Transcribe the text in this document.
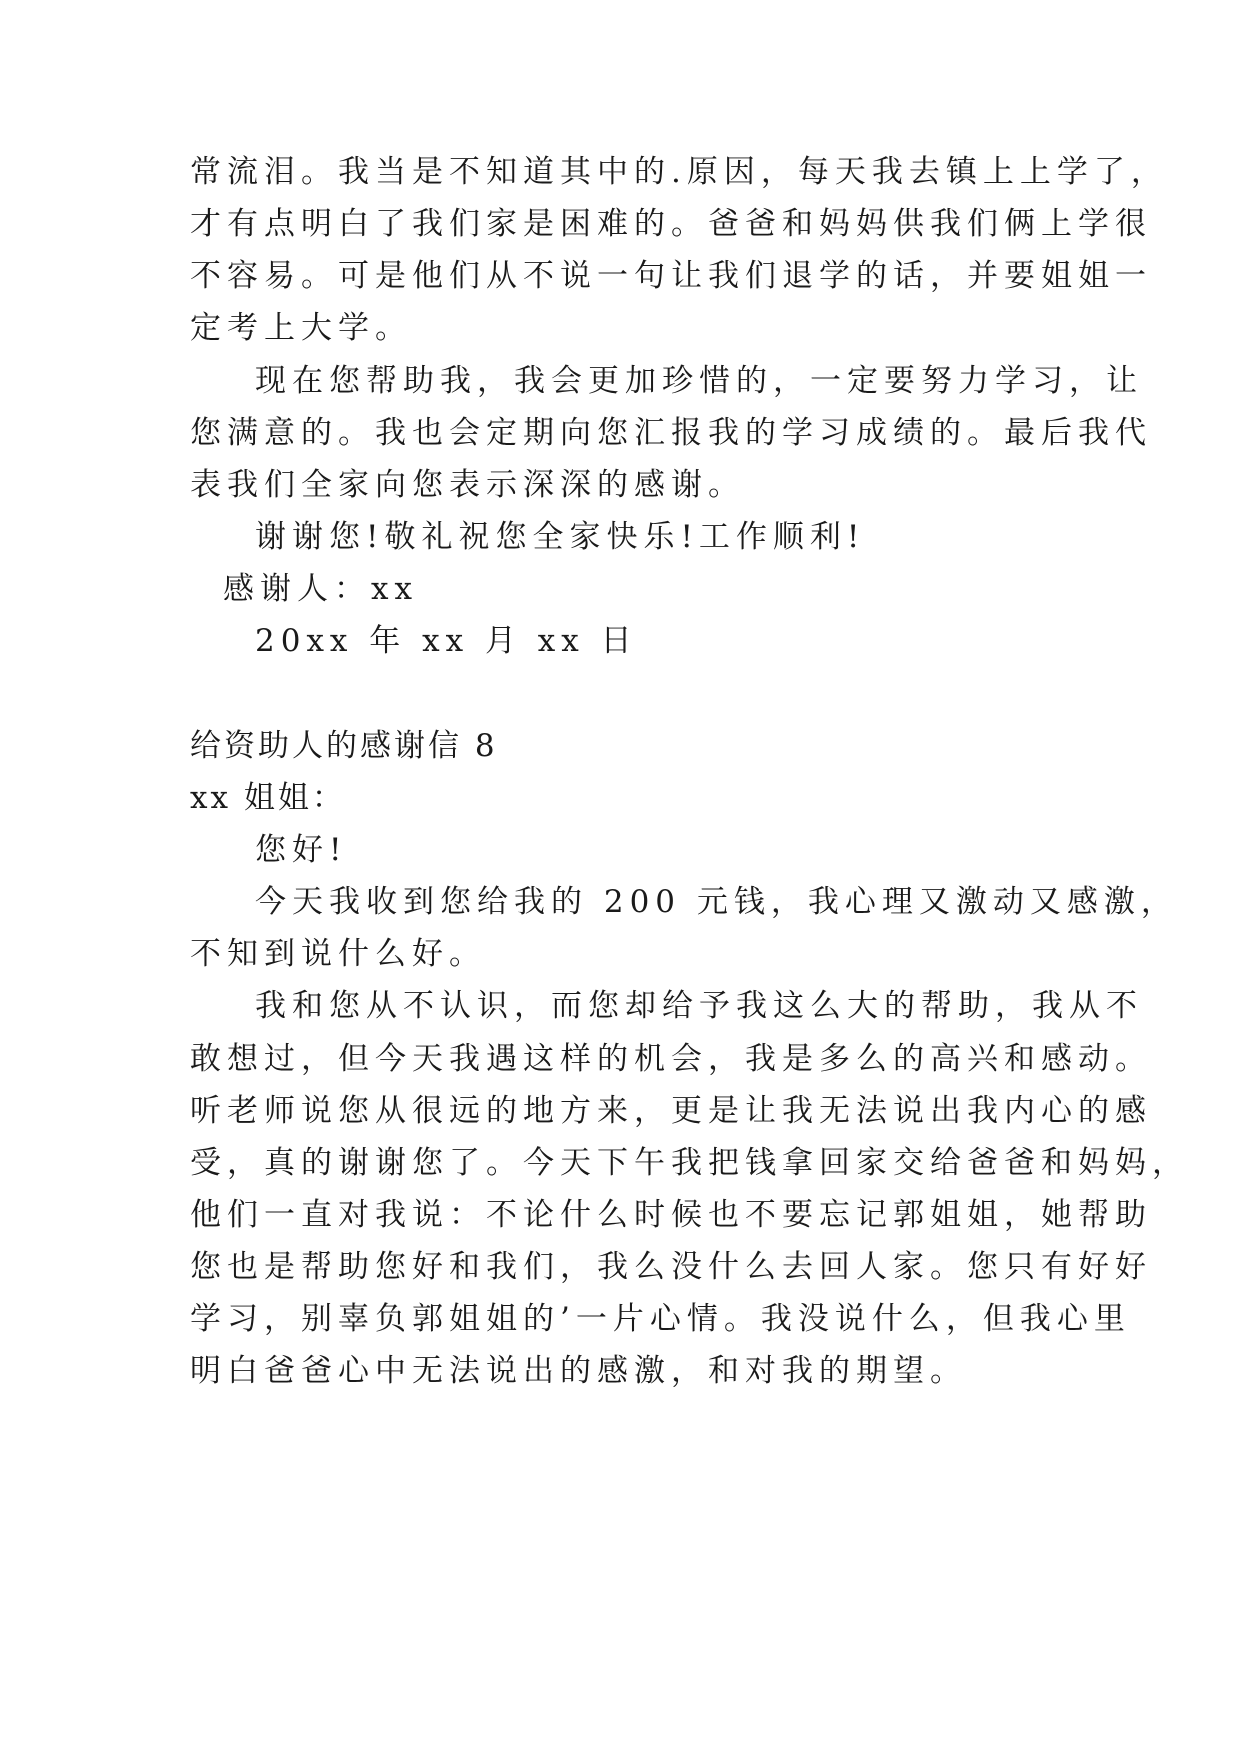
常流泪。我当是不知道其中的.原因，每天我去镇上上学了，
才有点明白了我们家是困难的。爸爸和妈妈供我们俩上学很
不容易。可是他们从不说一句让我们退学的话，并要姐姐一
定考上大学。
现在您帮助我，我会更加珍惜的，一定要努力学习，让
您满意的。我也会定期向您汇报我的学习成绩的。最后我代
表我们全家向您表示深深的感谢。
谢谢您!敬礼祝您全家快乐!工作顺利!
感谢人：xx
20xx 年 xx 月 xx 日
给资助人的感谢信 8
xx 姐姐：
您好!
今天我收到您给我的 200 元钱，我心理又激动又感激，
不知到说什么好。
我和您从不认识，而您却给予我这么大的帮助，我从不
敢想过，但今天我遇这样的机会，我是多么的高兴和感动。
听老师说您从很远的地方来，更是让我无法说出我内心的感
受，真的谢谢您了。今天下午我把钱拿回家交给爸爸和妈妈，
他们一直对我说：不论什么时候也不要忘记郭姐姐，她帮助
您也是帮助您好和我们，我么没什么去回人家。您只有好好
学习，别辜负郭姐姐的’一片心情。我没说什么，但我心里
明白爸爸心中无法说出的感激，和对我的期望。
